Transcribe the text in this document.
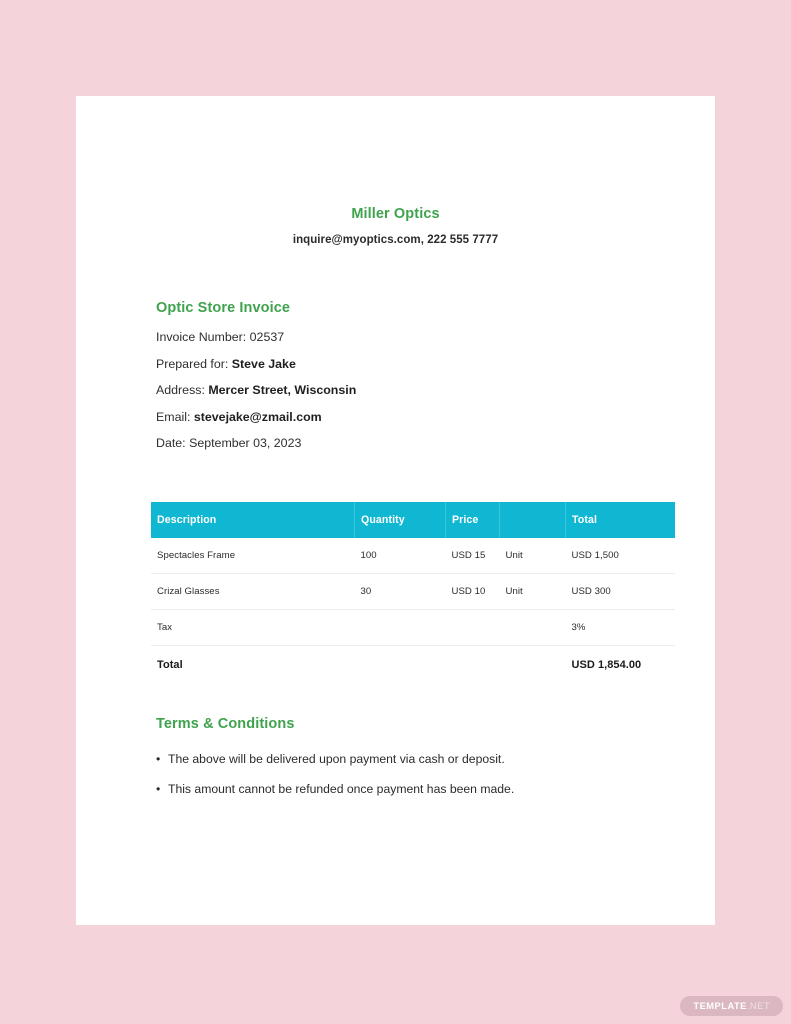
Miller Optics
inquire@myoptics.com, 222 555 7777
Optic Store Invoice
Invoice Number: 02537
Prepared for: Steve Jake
Address: Mercer Street, Wisconsin
Email: stevejake@zmail.com
Date: September 03, 2023
Description	Quantity	Price		Total
Spectacles Frame	100	USD 15	Unit	USD 1,500
Crizal Glasses	30	USD 10	Unit	USD 300
Tax				3%
Total				USD 1,854.00
Terms & Conditions
• The above will be delivered upon payment via cash or deposit.
• This amount cannot be refunded once payment has been made.
TEMPLATE.NET
